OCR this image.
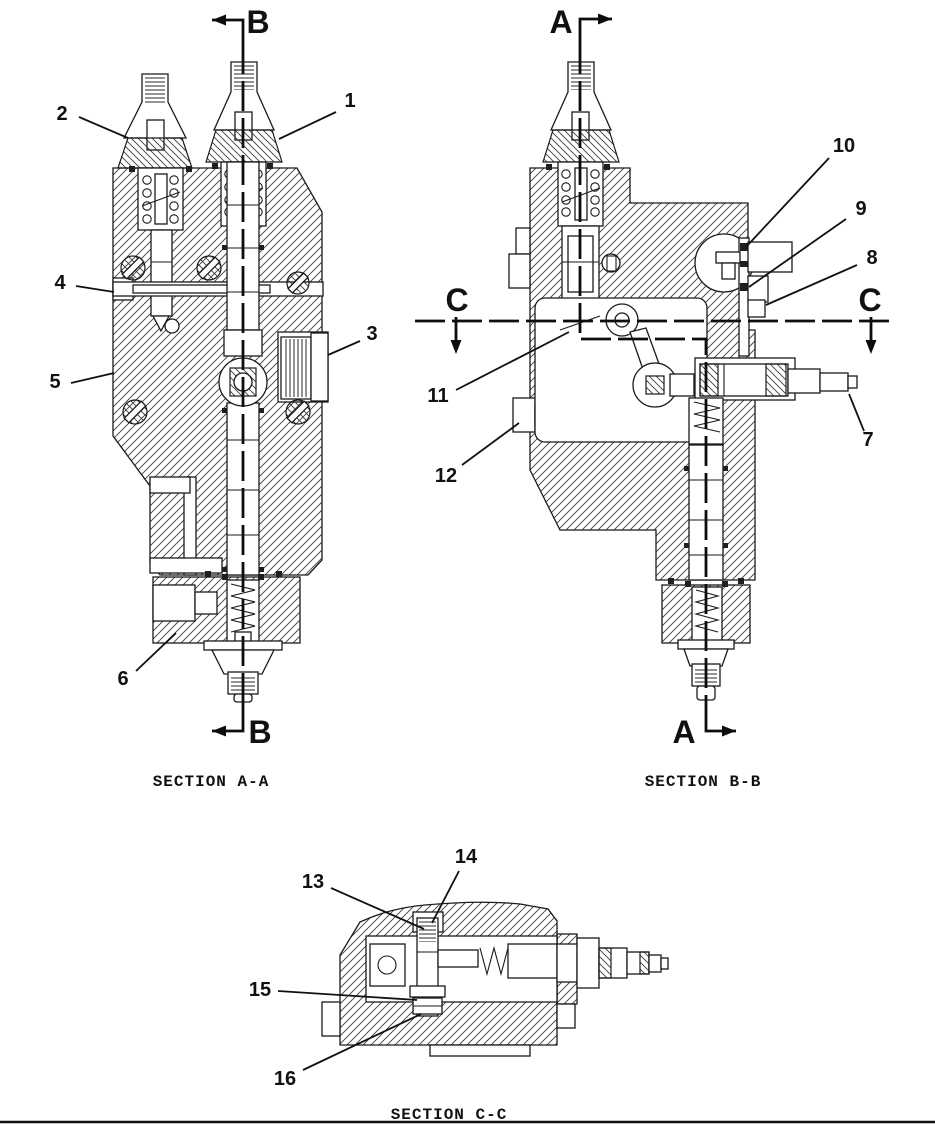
B
B
A
A
C	C
1
2
3
4
5
6
7
8
9
10
11
12
13
14
15
16
SECTION A-A	SECTION B-B
SECTION C-C
